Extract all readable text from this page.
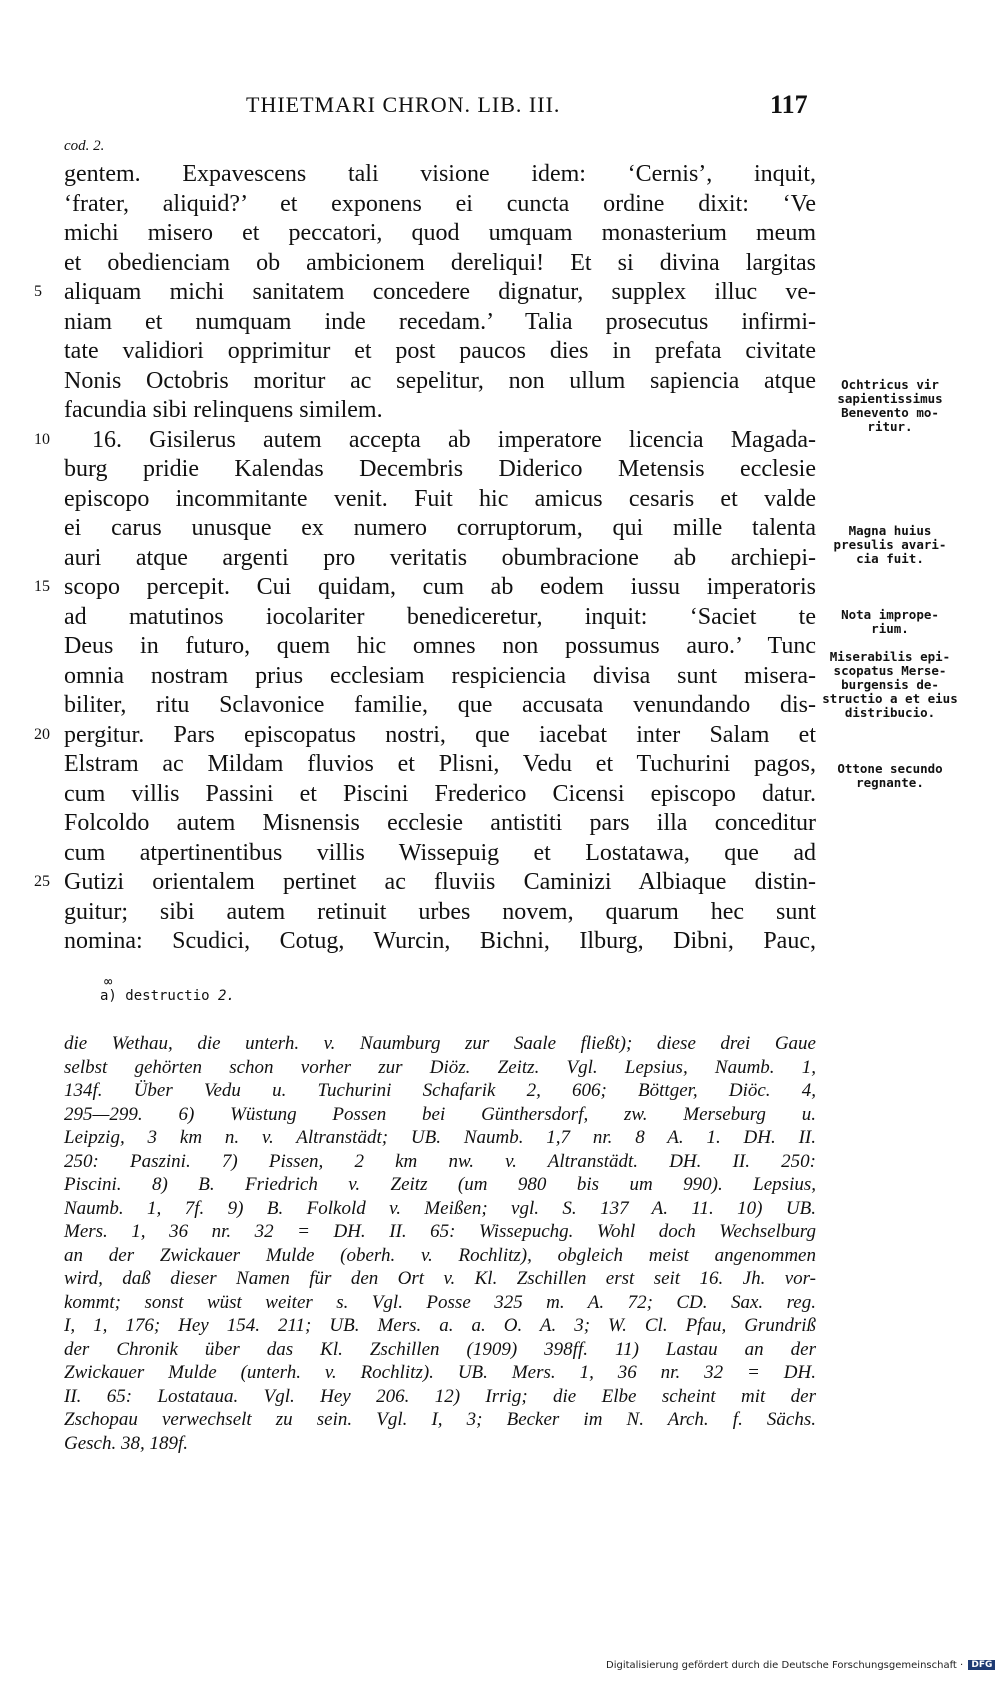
THIETMARI CHRON. LIB. III.	117
cod. 2.
gentem. Expavescens tali visione idem: ‘Cernis’, inquit,
‘frater, aliquid?’ et exponens ei cuncta ordine dixit: ‘Ve
michi misero et peccatori, quod umquam monasterium meum
et obedienciam ob ambicionem dereliqui! Et si divina largitas
aliquam michi sanitatem concedere dignatur, supplex illuc ve-
niam et numquam inde recedam.’ Talia prosecutus infirmi-
tate validiori opprimitur et post paucos dies in prefata civitate
Nonis Octobris moritur ac sepelitur, non ullum sapiencia atque
facundia sibi relinquens similem.
16. Gisilerus autem accepta ab imperatore licencia Magada-
burg pridie Kalendas Decembris Diderico Metensis ecclesie
episcopo incommitante venit. Fuit hic amicus cesaris et valde
ei carus unusque ex numero corruptorum, qui mille talenta
auri atque argenti pro veritatis obumbracione ab archiepi-
scopo percepit. Cui quidam, cum ab eodem iussu imperatoris
ad matutinos iocolariter benediceretur, inquit: ‘Saciet te
Deus in futuro, quem hic omnes non possumus auro.’ Tunc
omnia nostram prius ecclesiam respiciencia divisa sunt misera-
biliter, ritu Sclavonice familie, que accusata venundando dis-
pergitur. Pars episcopatus nostri, que iacebat inter Salam et
Elstram ac Mildam fluvios et Plisni, Vedu et Tuchurini pagos,
cum villis Passini et Piscini Frederico Cicensi episcopo datur.
Folcoldo autem Misnensis ecclesie antistiti pars illa conceditur
cum atpertinentibus villis Wissepuig et Lostatawa, que ad
Gutizi orientalem pertinet ac fluviis Caminizi Albiaque distin-
guitur; sibi autem retinuit urbes novem, quarum hec sunt
nomina: Scudici, Cotug, Wurcin, Bichni, Ilburg, Dibni, Pauc,
5
10
15
20
25
Ochtricus vir
sapientissimus
Benevento mo-
ritur.
Magna huius
presulis avari-
cia fuit.
Nota imprope-
rium.
Miserabilis epi-
scopatus Merse-
burgensis de-
structio a et eius
distribucio.
Ottone secundo
regnante.
∞ a) destructio 2.
die Wethau, die unterh. v. Naumburg zur Saale fließt); diese drei Gaue
selbst gehörten schon vorher zur Diöz. Zeitz. Vgl. Lepsius, Naumb. 1,
134f. Über Vedu u. Tuchurini Schafarik 2, 606; Böttger, Diöc. 4,
295—299. 6) Wüstung Possen bei Günthersdorf, zw. Merseburg u.
Leipzig, 3 km n. v. Altranstädt; UB. Naumb. 1,7 nr. 8 A. 1. DH. II.
250: Paszini. 7) Pissen, 2 km nw. v. Altranstädt. DH. II. 250:
Piscini. 8) B. Friedrich v. Zeitz (um 980 bis um 990). Lepsius,
Naumb. 1, 7f. 9) B. Folkold v. Meißen; vgl. S. 137 A. 11. 10) UB.
Mers. 1, 36 nr. 32 = DH. II. 65: Wissepuchg. Wohl doch Wechselburg
an der Zwickauer Mulde (oberh. v. Rochlitz), obgleich meist angenommen
wird, daß dieser Namen für den Ort v. Kl. Zschillen erst seit 16. Jh. vor-
kommt; sonst wüst weiter s. Vgl. Posse 325 m. A. 72; CD. Sax. reg.
I, 1, 176; Hey 154. 211; UB. Mers. a. a. O. A. 3; W. Cl. Pfau, Grundriß
der Chronik über das Kl. Zschillen (1909) 398ff. 11) Lastau an der
Zwickauer Mulde (unterh. v. Rochlitz). UB. Mers. 1, 36 nr. 32 = DH.
II. 65: Lostataua. Vgl. Hey 206. 12) Irrig; die Elbe scheint mit der
Zschopau verwechselt zu sein. Vgl. I, 3; Becker im N. Arch. f. Sächs.
Gesch. 38, 189f.
Digitalisierung gefördert durch die Deutsche Forschungsgemeinschaft · DFG
